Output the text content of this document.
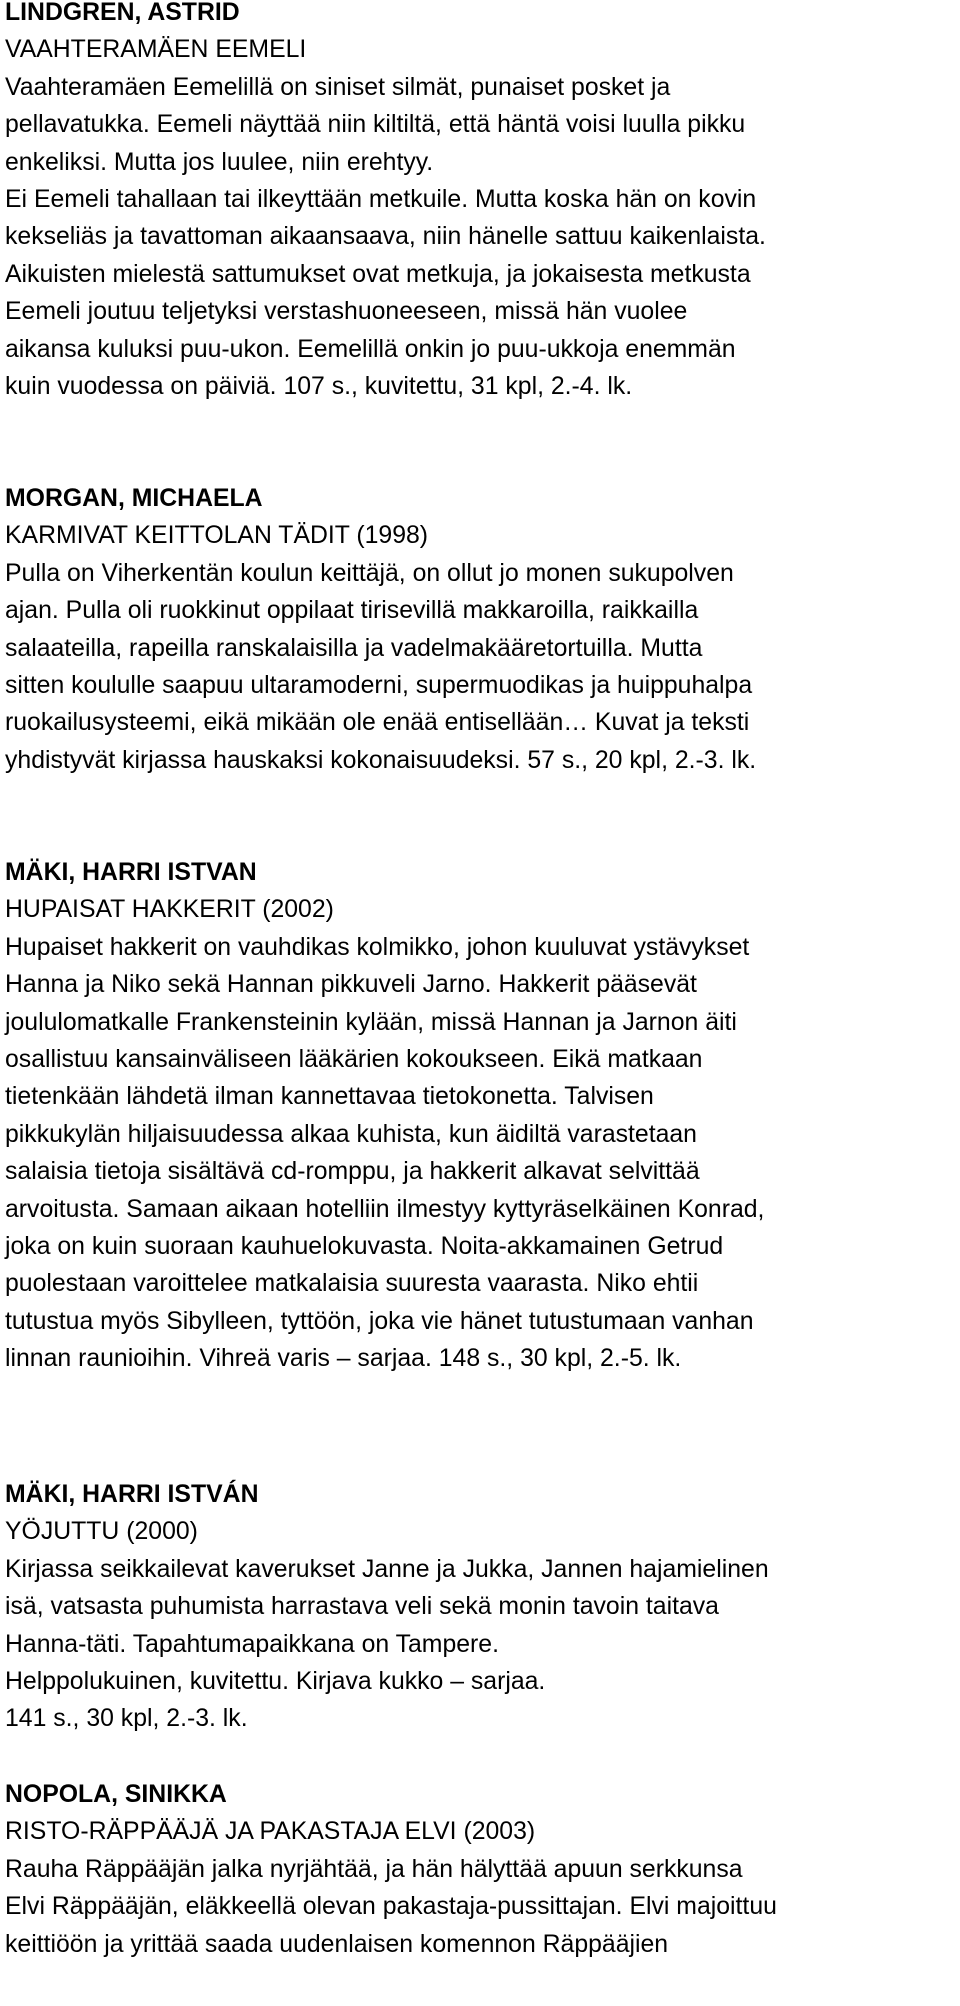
LINDGREN, ASTRID
VAAHTERAMÄEN EEMELI
Vaahteramäen Eemelillä on siniset silmät, punaiset posket ja
pellavatukka. Eemeli näyttää niin kiltiltä, että häntä voisi luulla pikku
enkeliksi. Mutta jos luulee, niin erehtyy.
Ei Eemeli tahallaan tai ilkeyttään metkuile. Mutta koska hän on kovin
kekseliäs ja tavattoman aikaansaava, niin hänelle sattuu kaikenlaista.
Aikuisten mielestä sattumukset ovat metkuja, ja jokaisesta metkusta
Eemeli joutuu teljetyksi verstashuoneeseen, missä hän vuolee
aikansa kuluksi puu-ukon. Eemelillä onkin jo puu-ukkoja enemmän
kuin vuodessa on päiviä. 107 s., kuvitettu, 31 kpl, 2.-4. lk.
MORGAN, MICHAELA
KARMIVAT KEITTOLAN TÄDIT (1998)
Pulla on Viherkentän koulun keittäjä, on ollut jo monen sukupolven
ajan. Pulla oli ruokkinut oppilaat tirisevillä makkaroilla, raikkailla
salaateilla, rapeilla ranskalaisilla ja vadelmakääretortuilla. Mutta
sitten koululle saapuu ultaramoderni, supermuodikas ja huippuhalpa
ruokailusysteemi, eikä mikään ole enää entisellään… Kuvat ja teksti
yhdistyvät kirjassa hauskaksi kokonaisuudeksi. 57 s., 20 kpl, 2.-3. lk.
MÄKI, HARRI ISTVAN
HUPAISAT HAKKERIT (2002)
Hupaiset hakkerit on vauhdikas kolmikko, johon kuuluvat ystävykset
Hanna ja Niko sekä Hannan pikkuveli Jarno. Hakkerit pääsevät
joululomatkalle Frankensteinin kylään, missä Hannan ja Jarnon äiti
osallistuu kansainväliseen lääkärien kokoukseen. Eikä matkaan
tietenkään lähdetä ilman kannettavaa tietokonetta. Talvisen
pikkukylän hiljaisuudessa alkaa kuhista, kun äidiltä varastetaan
salaisia tietoja sisältävä cd-romppu, ja hakkerit alkavat selvittää
arvoitusta. Samaan aikaan hotelliin ilmestyy kyttyräselkäinen Konrad,
joka on kuin suoraan kauhuelokuvasta. Noita-akkamainen Getrud
puolestaan varoittelee matkalaisia suuresta vaarasta. Niko ehtii
tutustua myös Sibylleen, tyttöön, joka vie hänet tutustumaan vanhan
linnan raunioihin. Vihreä varis – sarjaa. 148 s., 30 kpl, 2.-5. lk.
MÄKI, HARRI ISTVÁN
YÖJUTTU (2000)
Kirjassa seikkailevat kaverukset Janne ja Jukka, Jannen hajamielinen
isä, vatsasta puhumista harrastava veli sekä monin tavoin taitava
Hanna-täti. Tapahtumapaikkana on Tampere.
Helppolukuinen, kuvitettu. Kirjava kukko – sarjaa.
141 s., 30 kpl, 2.-3. lk.
NOPOLA, SINIKKA
RISTO-RÄPPÄÄJÄ JA PAKASTAJA ELVI (2003)
Rauha Räppääjän jalka nyrjähtää, ja hän hälyttää apuun serkkunsa
Elvi Räppääjän, eläkkeellä olevan pakastaja-pussittajan. Elvi majoittuu
keittiöön ja yrittää saada uudenlaisen komennon Räppääjien
